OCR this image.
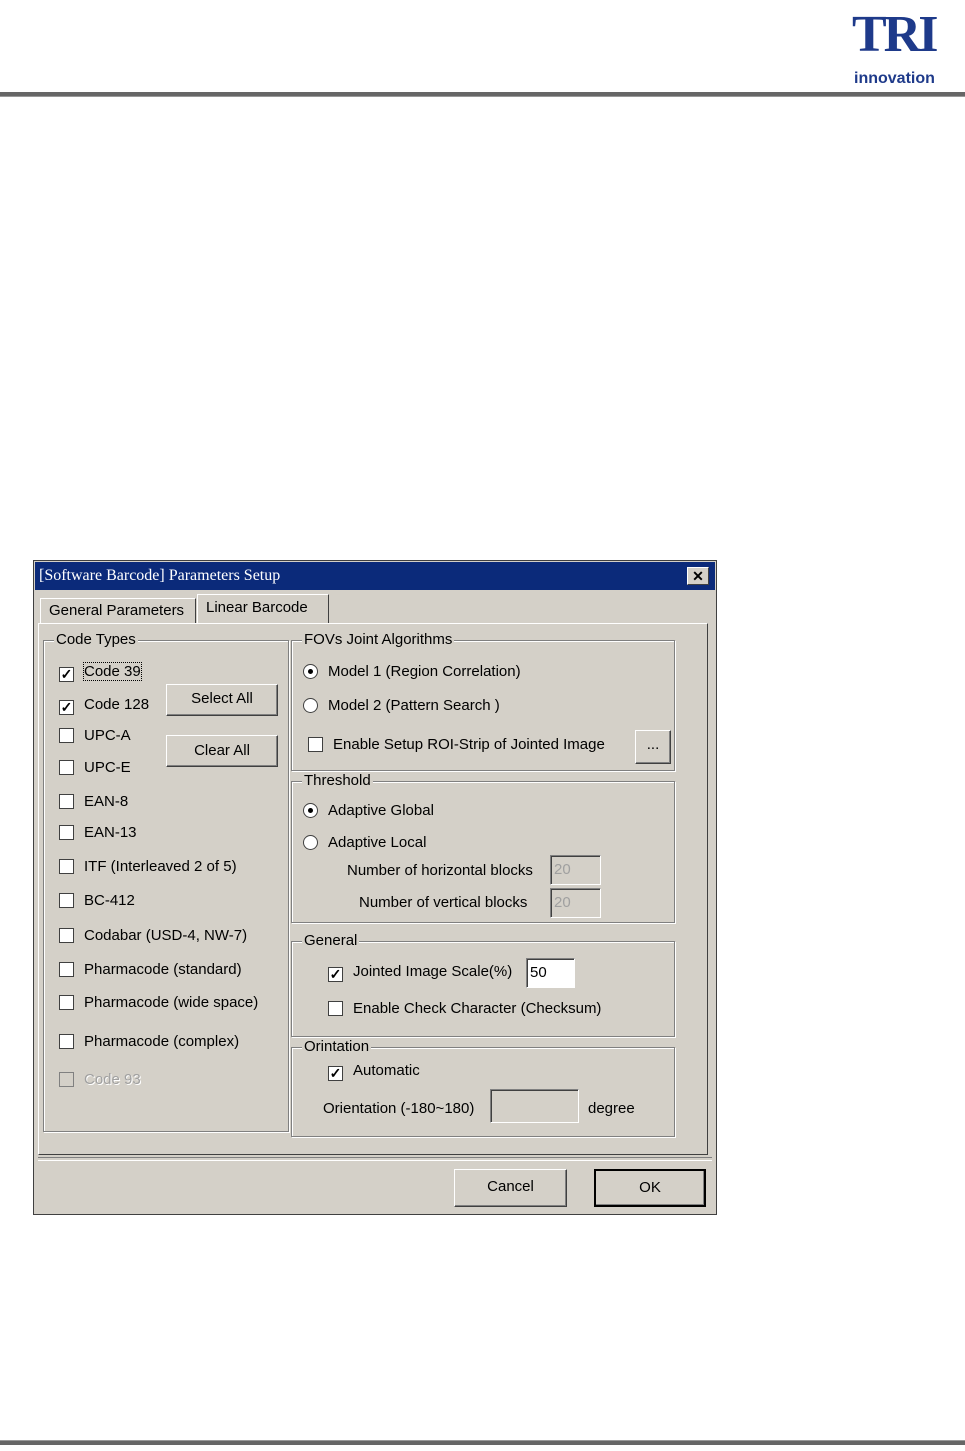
TRI
innovation
[Software Barcode] Parameters Setup	✕
General Parameters	Linear Barcode
Code Types
✓ Code 39
✓ Code 128
UPC-A
UPC-E
EAN-8
EAN-13
ITF (Interleaved 2 of 5)
BC-412
Codabar (USD-4, NW-7)
Pharmacode (standard)
Pharmacode (wide space)
Pharmacode (complex)
Code 93
Select All
Clear All
FOVs Joint Algorithms
Model 1 (Region Correlation)
Model 2 (Pattern Search )
Enable Setup ROI-Strip of Jointed Image	...
Threshold
Adaptive Global
Adaptive Local
Number of horizontal blocks 20
Number of vertical blocks 20
General
✓ Jointed Image Scale(%) 50
Enable Check Character (Checksum)
Orintation
✓ Automatic
Orientation (-180~180)	degree
Cancel	OK
